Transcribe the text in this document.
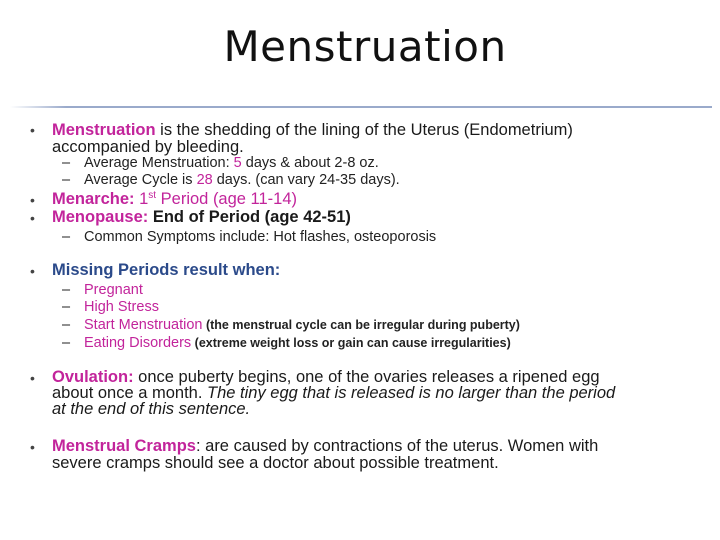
Menstruation
• Menstruation is the shedding of the lining of the Uterus (Endometrium)
accompanied by bleeding.
– Average Menstruation: 5 days & about 2-8 oz.
– Average Cycle is 28 days. (can vary 24-35 days).
• Menarche: 1st Period (age 11-14)
• Menopause: End of Period (age 42-51)
– Common Symptoms include: Hot flashes, osteoporosis
• Missing Periods result when:
– Pregnant
– High Stress
– Start Menstruation (the menstrual cycle can be irregular during puberty)
– Eating Disorders (extreme weight loss or gain can cause irregularities)
• Ovulation: once puberty begins, one of the ovaries releases a ripened egg
about once a month. The tiny egg that is released is no larger than the period
at the end of this sentence.
• Menstrual Cramps: are caused by contractions of the uterus. Women with
severe cramps should see a doctor about possible treatment.
